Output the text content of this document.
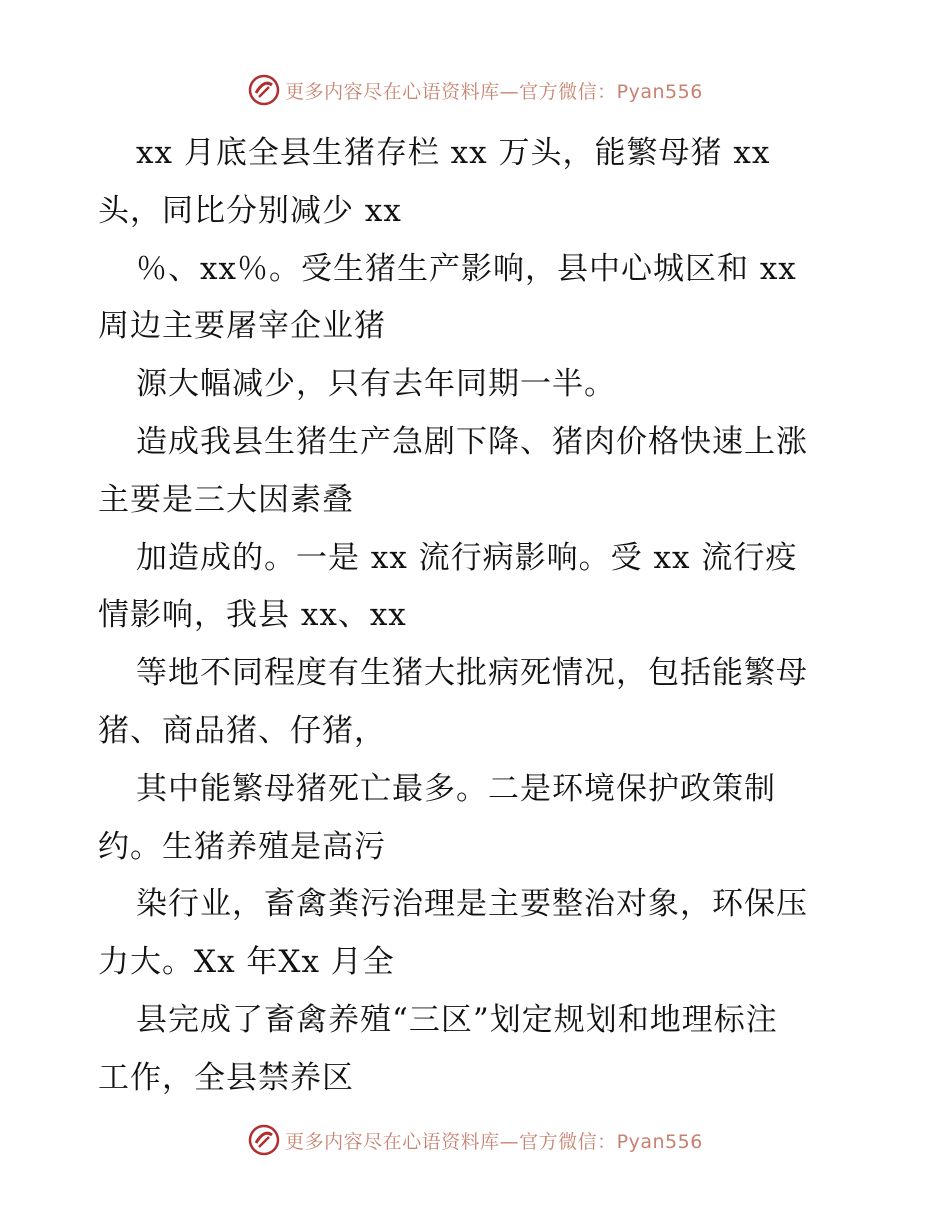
更多内容尽在心语资料库—官方微信：Pyan556
xx 月底全县生猪存栏 xx 万头，能繁母猪 xx
头，同比分别减少 xx
％、xx％。受生猪生产影响，县中心城区和 xx
周边主要屠宰企业猪
源大幅减少，只有去年同期一半。
造成我县生猪生产急剧下降、猪肉价格快速上涨
主要是三大因素叠
加造成的。一是 xx 流行病影响。受 xx 流行疫
情影响，我县 xx、xx
等地不同程度有生猪大批病死情况，包括能繁母
猪、商品猪、仔猪，
其中能繁母猪死亡最多。二是环境保护政策制
约。生猪养殖是高污
染行业，畜禽粪污治理是主要整治对象，环保压
力大。Xx 年Xx 月全
县完成了畜禽养殖“三区”划定规划和地理标注
工作，全县禁养区
更多内容尽在心语资料库—官方微信：Pyan556
